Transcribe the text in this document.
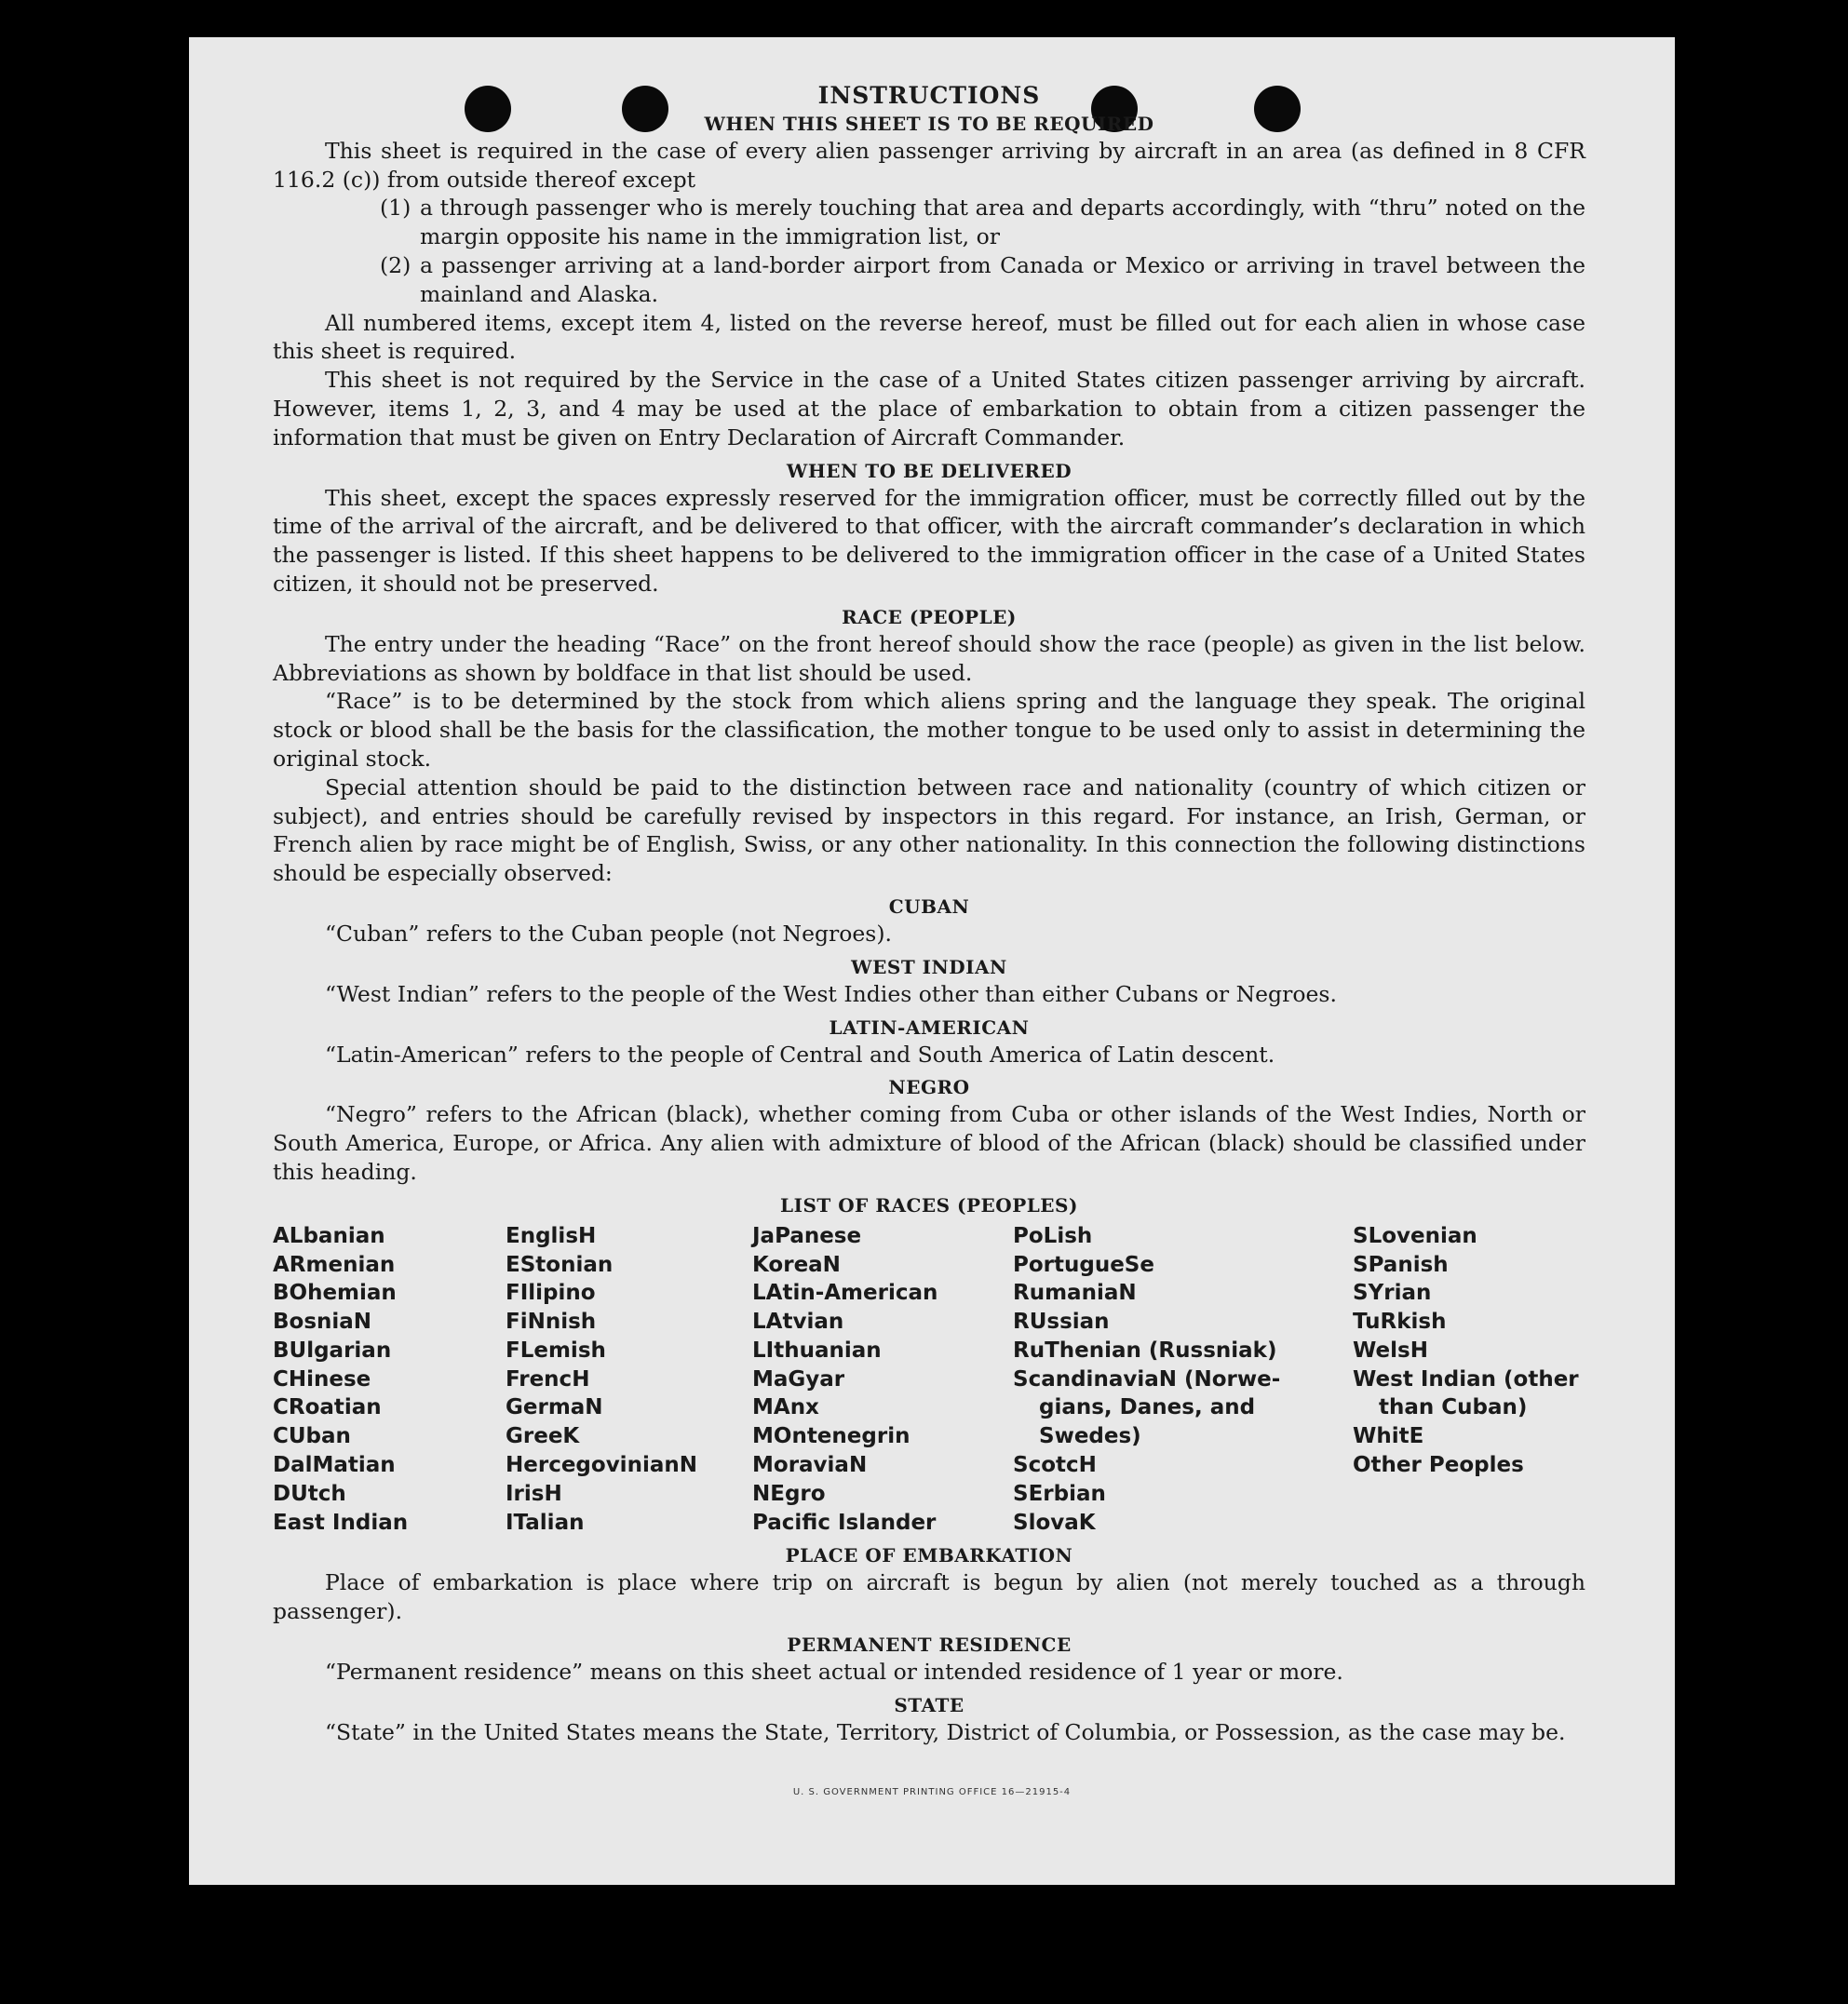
INSTRUCTIONS
WHEN THIS SHEET IS TO BE REQUIRED

This sheet is required in the case of every alien passenger arriving by aircraft in an area (as defined in 8 CFR 116.2 (c)) from outside thereof except

(1) a through passenger who is merely touching that area and departs accordingly, with “thru” noted on the margin opposite his name in the immigration list, or
(2) a passenger arriving at a land-border airport from Canada or Mexico or arriving in travel between the mainland and Alaska.

All numbered items, except item 4, listed on the reverse hereof, must be filled out for each alien in whose case this sheet is required.

This sheet is not required by the Service in the case of a United States citizen passenger arriving by aircraft. However, items 1, 2, 3, and 4 may be used at the place of embarkation to obtain from a citizen passenger the information that must be given on Entry Declaration of Aircraft Commander.

WHEN TO BE DELIVERED

This sheet, except the spaces expressly reserved for the immigration officer, must be correctly filled out by the time of the arrival of the aircraft, and be delivered to that officer, with the aircraft commander’s declaration in which the passenger is listed. If this sheet happens to be delivered to the immigration officer in the case of a United States citizen, it should not be preserved.

RACE (PEOPLE)

The entry under the heading “Race” on the front hereof should show the race (people) as given in the list below. Abbreviations as shown by boldface in that list should be used.

“Race” is to be determined by the stock from which aliens spring and the language they speak. The original stock or blood shall be the basis for the classification, the mother tongue to be used only to assist in determining the original stock.

Special attention should be paid to the distinction between race and nationality (country of which citizen or subject), and entries should be carefully revised by inspectors in this regard. For instance, an Irish, German, or French alien by race might be of English, Swiss, or any other nationality. In this connection the following distinctions should be especially observed:

CUBAN

“Cuban” refers to the Cuban people (not Negroes).

WEST INDIAN

“West Indian” refers to the people of the West Indies other than either Cubans or Negroes.

LATIN-AMERICAN

“Latin-American” refers to the people of Central and South America of Latin descent.

NEGRO

“Negro” refers to the African (black), whether coming from Cuba or other islands of the West Indies, North or South America, Europe, or Africa. Any alien with admixture of blood of the African (black) should be classified under this heading.

LIST OF RACES (PEOPLES)
ALbanian
ARmenian
BOhemian
BosniaN
BUlgarian
CHinese
CRoatian
CUban
DalMatian
DUtch
East Indian
EnglisH
EStonian
FIlipino
FiNnish
FLemish
FrencH
GermaN
GreeK
HercegovinianN
IrisH
ITalian
JaPanese
KoreaN
LAtin-American
LAtvian
LIthuanian
MaGyar
MAnx
MOntenegrin
MoraviaN
NEgro
Pacific Islander
PoLish
PortugueSe
RumaniaN
RUssian
RuThenian (Russniak)
ScandinaviaN (Norwe-
gians, Danes, and
Swedes)
ScotcH
SErbian
SlovaK
SLovenian
SPanish
SYrian
TuRkish
WelsH
West Indian (other
than Cuban)
WhitE
Other Peoples
PLACE OF EMBARKATION

Place of embarkation is place where trip on aircraft is begun by alien (not merely touched as a through passenger).

PERMANENT RESIDENCE

“Permanent residence” means on this sheet actual or intended residence of 1 year or more.

STATE

“State” in the United States means the State, Territory, District of Columbia, or Possession, as the case may be.

U. S. GOVERNMENT PRINTING OFFICE 16—21915-4
